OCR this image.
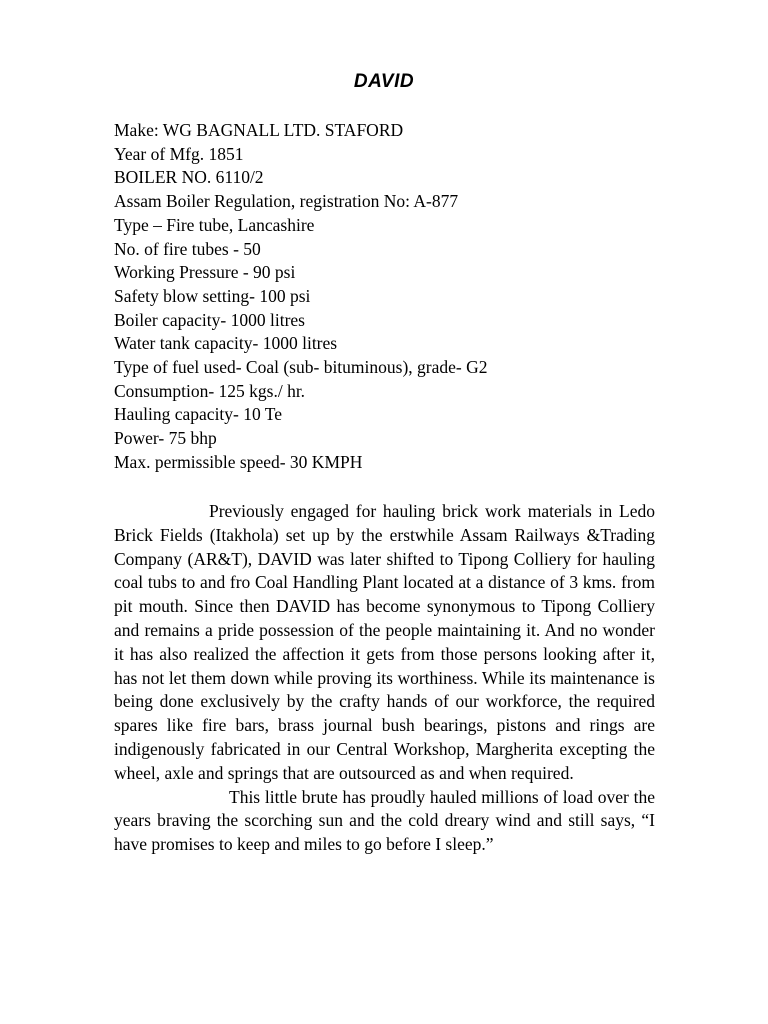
DAVID
Make: WG BAGNALL LTD. STAFORD
Year of Mfg. 1851
BOILER NO. 6110/2
Assam Boiler Regulation, registration No: A-877
Type – Fire tube, Lancashire
No. of fire tubes - 50
Working Pressure - 90 psi
Safety blow setting- 100 psi
Boiler capacity- 1000 litres
Water tank capacity- 1000 litres
Type of fuel used- Coal (sub- bituminous), grade- G2
Consumption- 125 kgs./ hr.
Hauling capacity- 10 Te
Power- 75 bhp
Max. permissible speed- 30 KMPH

Previously engaged for hauling brick work materials in Ledo Brick Fields (Itakhola) set up by the erstwhile Assam Railways &Trading Company (AR&T), DAVID was later shifted to Tipong Colliery for hauling coal tubs to and fro Coal Handling Plant located at a distance of 3 kms. from pit mouth. Since then DAVID has become synonymous to Tipong Colliery and remains a pride possession of the people maintaining it. And no wonder it has also realized the affection it gets from those persons looking after it, has not let them down while proving its worthiness. While its maintenance is being done exclusively by the crafty hands of our workforce, the required spares like fire bars, brass journal bush bearings, pistons and rings are indigenously fabricated in our Central Workshop, Margherita excepting the wheel, axle and springs that are outsourced as and when required.

This little brute has proudly hauled millions of load over the years braving the scorching sun and the cold dreary wind and still says, “I have promises to keep and miles to go before I sleep.”
